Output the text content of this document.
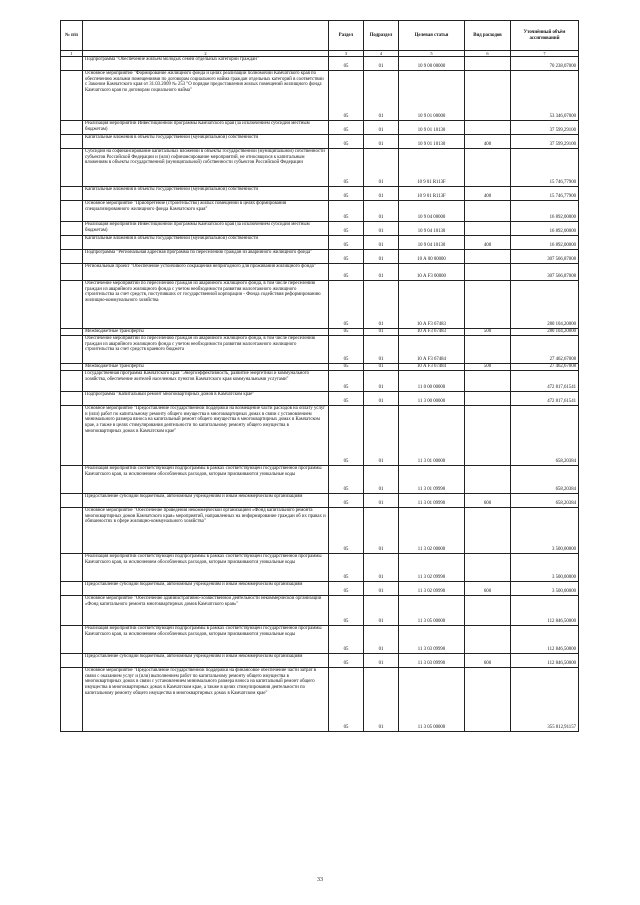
№ п/п		Раздел	Подраздел	Целевая статья	Вид расходов	Уточнённый объём ассигнований
1	2	3	4	5	6	7
	Подпрограмма "Обеспечение жильем молодых семей отдельных категорий граждан"	05	01	10 9 00 00000		70 238,07000
	Основное мероприятие "Формирование жилищного фонда и целях реализации полномочий Камчатского края по обеспечению жилыми помещениями по договорам социального найма граждан отдельных категорий в соответствии с Законом Камчатского края от 31.03.2009 № 253 "О порядке предоставления жилых помещений жилищного фонда Камчатского края по договорам социального найма"	05	01	10 9 01 00000		53 346,07000
	Реализация мероприятий Инвестиционной программы Камчатского края (за исключением субсидий местным бюджетам)	05	01	10 9 01 10130		37 599,29100
	Капитальные вложения в объекты государственной (муниципальной) собственности	05	01	10 9 01 10130	400	37 599,29100
	Субсидии на софинансирование капитальных вложений в объекты государственной (муниципальной) собственности субъектов Российской Федерации и (или) софинансирование мероприятий, не относящихся к капитальным вложениям в объекты государственной (муниципальной) собственности субъектов Российской Федерации	05	01	10 9 01 R113F		15 746,77900
	Капитальные вложения в объекты государственной (муниципальной) собственности	05	01	10 9 01 R113F	400	15 746,77900
	Основное мероприятие "Приобретение (строительство) жилых помещений в целях формирования специализированного жилищного фонда Камчатского края"	05	01	10 9 04 00000		16 892,00000
	Реализация мероприятий Инвестиционной программы Камчатского края (за исключением субсидий местным бюджетам)	05	01	10 9 04 10130		16 892,00000
	Капитальные вложения в объекты государственной (муниципальной) собственности	05	01	10 9 04 10130	400	16 892,00000
	Подпрограмма "Региональная адресная программа по переселению граждан из аварийного жилищного фонда"	05	01	10 А 00 00000		307 566,87008
	Региональный проект "Обеспечение устойчивого сокращения непригодного для проживания жилищного фонда"	05	01	10 А F3 00000		307 566,87008
	Обеспечение мероприятий по переселению граждан из аварийного жилищного фонда, в том числе переселению граждан из аварийного жилищного фонда с учетом необходимости развития малоэтажного жилищного строительства за счет средств, поступивших от государственной корпорации - Фонда содействия реформированию жилищно-коммунального хозяйства	05	01	10 А F3 67483		280 104,20000
	Межбюджетные трансферты	05	01	10 А F3 67483	500	280 104,20000
	Обеспечение мероприятий по переселению граждан из аварийного жилищного фонда, в том числе переселению граждан из аварийного жилищного фонда с учетом необходимости развития малоэтажного жилищного строительства за счет средств краевого бюджета	05	01	10 А F3 67484		27 462,67008
	Межбюджетные трансферты	05	01	10 А F3 67484	500	27 462,67008
	Государственная программа Камчатского края "Энергоэффективность, развитие энергетики и коммунального хозяйства, обеспечение жителей населенных пунктов Камчатского края коммунальными услугами"	05	01	11 0 00 00000		472 817,61541
	Подпрограмма "Капитальный ремонт многоквартирных домов в Камчатском крае"	05	01	11 3 00 00000		472 817,61541
	Основное мероприятие "Предоставление государственной поддержки на возмещение части расходов на оплату услуг и (или) работ по капитальному ремонту общего имущества в многоквартирных домах в связи с установлением минимального размера взноса на капитальный ремонт общего имущества в многоквартирных домах в Камчатском крае, а также в целях стимулирования деятельности по капитальному ремонту общего имущества в многоквартирных домах в Камчатском крае"	05	01	11 3 01 00000		658,20384
	Реализация мероприятий соответствующей подпрограммы в рамках соответствующей государственной программы Камчатского края, за исключением обособленных расходов, которым присваиваются уникальные коды	05	01	11 3 01 09990		658,20384
	Предоставление субсидий бюджетным, автономным учреждениям и иным некоммерческим организациям	05	01	11 3 01 09990	600	658,20384
	Основное мероприятие "Обеспечение проведения некоммерческой организацией «Фонд капитального ремонта многоквартирных домов Камчатского края» мероприятий, направленных на информирование граждан об их правах и обязанностях в сфере жилищно-коммунального хозяйства"	05	01	11 3 02 00000		3 500,00000
	Реализация мероприятий соответствующей подпрограммы в рамках соответствующей государственной программы Камчатского края, за исключением обособленных расходов, которым присваиваются уникальные коды	05	01	11 3 02 09990		3 500,00000
	Предоставление субсидий бюджетным, автономным учреждениям и иным некоммерческим организациям	05	01	11 3 02 09990	600	3 500,00000
	Основное мероприятие "Обеспечение административно-хозяйственной деятельности некоммерческой организации «Фонд капитального ремонта многоквартирных домов Камчатского края»"	05	01	11 3 05 00000		112 846,50000
	Реализация мероприятий соответствующей подпрограммы в рамках соответствующей государственной программы Камчатского края, за исключением обособленных расходов, которым присваиваются уникальные коды	05	01	11 3 03 09990		112 846,50000
	Предоставление субсидий бюджетным, автономным учреждениям и иным некоммерческим организациям	05	01	11 3 03 09990	600	112 846,50000
	Основное мероприятие "Предоставление государственной поддержки на финансовое обеспечение части затрат в связи с оказанием услуг и (или) выполнением работ по капитальному ремонту общего имущества в многоквартирных домах в связи с установлением минимального размера взноса на капитальный ремонт общего имущества в многоквартирных домах в Камчатском крае, а также в целях стимулирования деятельности по капитальному ремонту общего имущества в многоквартирных домах в Камчатском крае"	05	01	11 3 05 00000		355 812,91157
33
